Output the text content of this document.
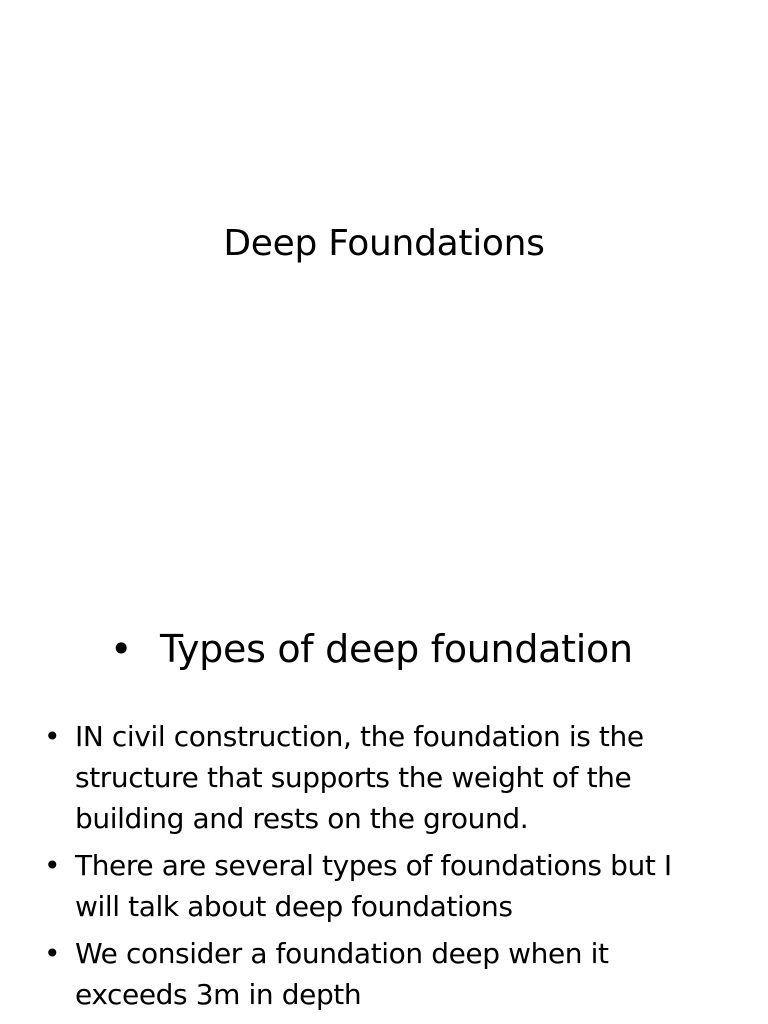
Deep Foundations
• Types of deep foundation
• IN civil construction, the foundation is the structure that supports the weight of the building and rests on the ground.
• There are several types of foundations but I will talk about deep foundations
• We consider a foundation deep when it exceeds 3m in depth
